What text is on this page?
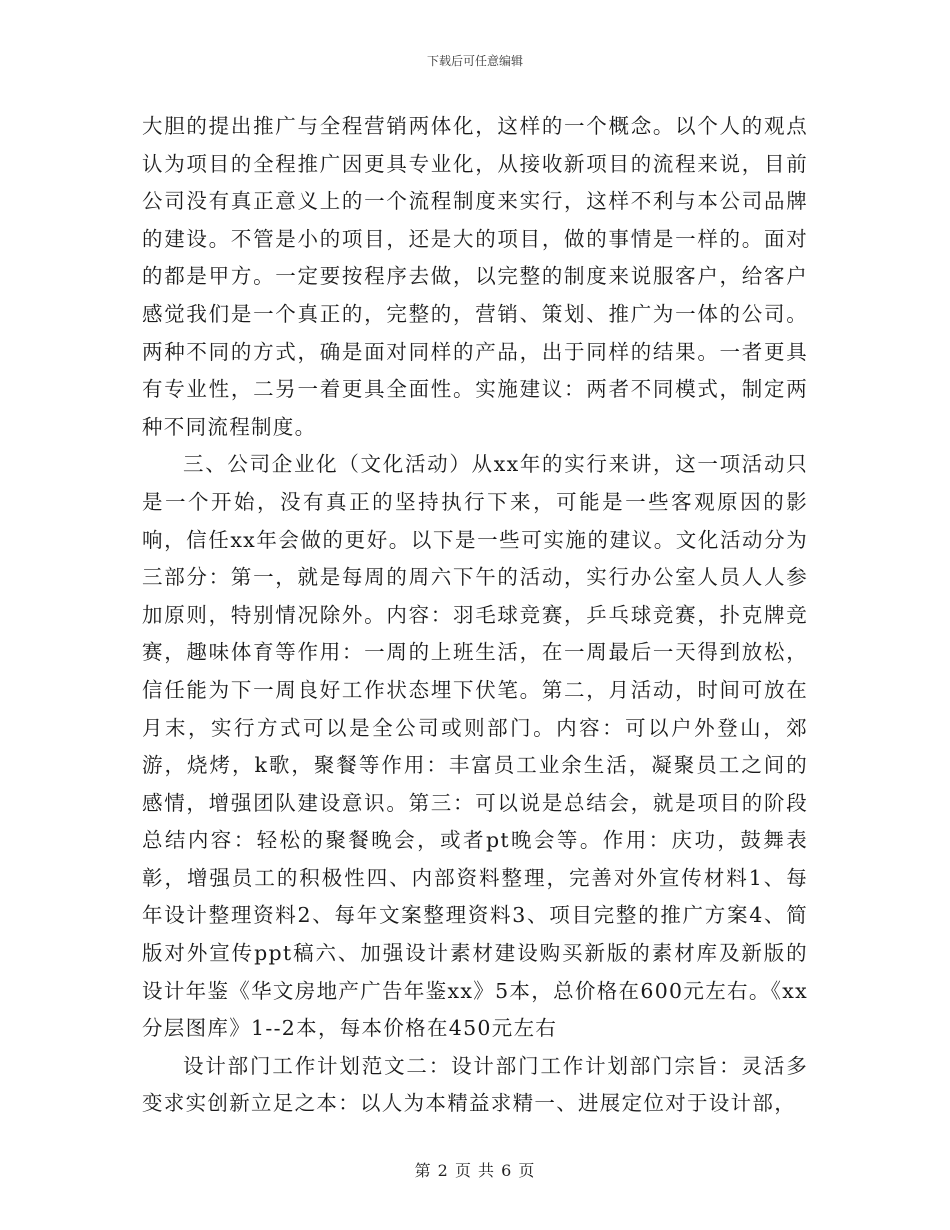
下载后可任意编辑

大胆的提出推广与全程营销两体化，这样的一个概念。以个人的观点认为项目的全程推广因更具专业化，从接收新项目的流程来说，目前公司没有真正意义上的一个流程制度来实行，这样不利与本公司品牌的建设。不管是小的项目，还是大的项目，做的事情是一样的。面对的都是甲方。一定要按程序去做，以完整的制度来说服客户，给客户感觉我们是一个真正的，完整的，营销、策划、推广为一体的公司。两种不同的方式，确是面对同样的产品，出于同样的结果。一者更具有专业性，二另一着更具全面性。实施建议：两者不同模式，制定两种不同流程制度。

三、公司企业化（文化活动）从xx年的实行来讲，这一项活动只是一个开始，没有真正的坚持执行下来，可能是一些客观原因的影响，信任xx年会做的更好。以下是一些可实施的建议。文化活动分为三部分：第一，就是每周的周六下午的活动，实行办公室人员人人参加原则，特别情况除外。内容：羽毛球竞赛，乒乓球竞赛，扑克牌竞赛，趣味体育等作用：一周的上班生活，在一周最后一天得到放松，信任能为下一周良好工作状态埋下伏笔。第二，月活动，时间可放在月末，实行方式可以是全公司或则部门。内容：可以户外登山，郊游，烧烤，k歌，聚餐等作用：丰富员工业余生活，凝聚员工之间的感情，增强团队建设意识。第三：可以说是总结会，就是项目的阶段总结内容：轻松的聚餐晚会，或者pt晚会等。作用：庆功，鼓舞表彰，增强员工的积极性四、内部资料整理，完善对外宣传材料1、每年设计整理资料2、每年文案整理资料3、项目完整的推广方案4、简版对外宣传ppt稿六、加强设计素材建设购买新版的素材库及新版的设计年鉴《华文房地产广告年鉴xx》5本，总价格在600元左右。《xx分层图库》1--2本，每本价格在450元左右

设计部门工作计划范文二：设计部门工作计划部门宗旨：灵活多变求实创新立足之本：以人为本精益求精一、进展定位对于设计部，

第 2 页 共 6 页
